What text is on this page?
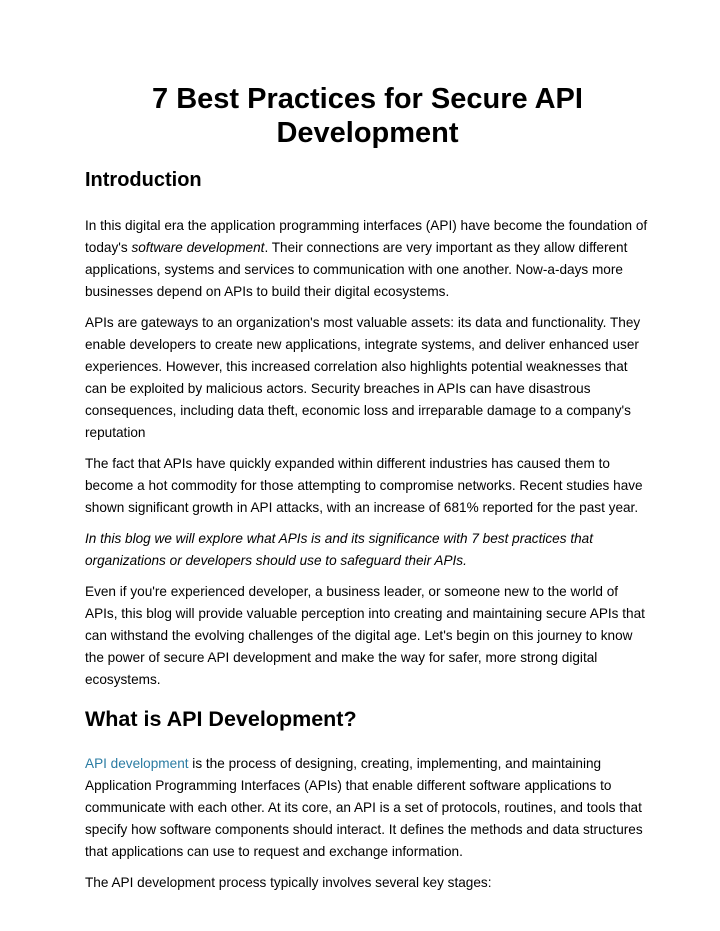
7 Best Practices for Secure API Development
Introduction

In this digital era the application programming interfaces (API) have become the foundation of today's software development. Their connections are very important as they allow different applications, systems and services to communication with one another. Now-a-days more businesses depend on APIs to build their digital ecosystems.

APIs are gateways to an organization's most valuable assets: its data and functionality. They enable developers to create new applications, integrate systems, and deliver enhanced user experiences. However, this increased correlation also highlights potential weaknesses that can be exploited by malicious actors. Security breaches in APIs can have disastrous consequences, including data theft, economic loss and irreparable damage to a company's reputation

The fact that APIs have quickly expanded within different industries has caused them to become a hot commodity for those attempting to compromise networks. Recent studies have shown significant growth in API attacks, with an increase of 681% reported for the past year.

In this blog we will explore what APIs is and its significance with 7 best practices that organizations or developers should use to safeguard their APIs.

Even if you're experienced developer, a business leader, or someone new to the world of APIs, this blog will provide valuable perception into creating and maintaining secure APIs that can withstand the evolving challenges of the digital age. Let's begin on this journey to know the power of secure API development and make the way for safer, more strong digital ecosystems.

What is API Development?

API development is the process of designing, creating, implementing, and maintaining Application Programming Interfaces (APIs) that enable different software applications to communicate with each other. At its core, an API is a set of protocols, routines, and tools that specify how software components should interact. It defines the methods and data structures that applications can use to request and exchange information.

The API development process typically involves several key stages:
